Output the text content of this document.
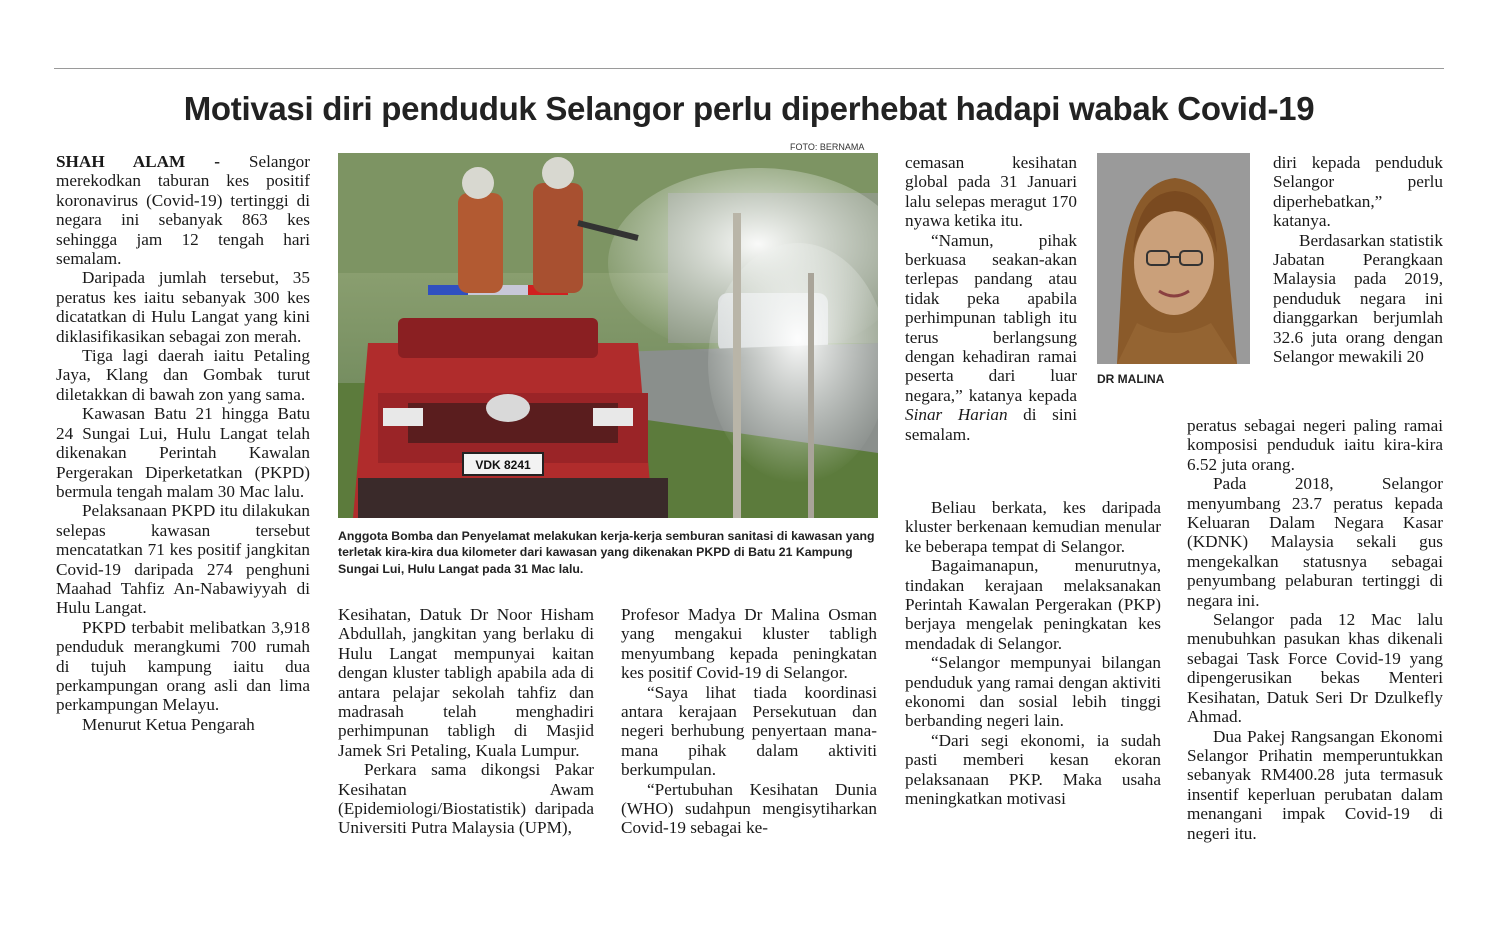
Motivasi diri penduduk Selangor perlu diperhebat hadapi wabak Covid-19

SHAH ALAM - Selangor merekodkan taburan kes positif koronavirus (Covid-19) tertinggi di negara ini sebanyak 863 kes sehingga jam 12 tengah hari semalam.

Daripada jumlah tersebut, 35 peratus kes iaitu sebanyak 300 kes dicatatkan di Hulu Langat yang kini diklasifikasikan sebagai zon merah.

Tiga lagi daerah iaitu Petaling Jaya, Klang dan Gombak turut diletakkan di bawah zon yang sama.

Kawasan Batu 21 hingga Batu 24 Sungai Lui, Hulu Langat telah dikenakan Perintah Kawalan Pergerakan Diperketatkan (PKPD) bermula tengah malam 30 Mac lalu.

Pelaksanaan PKPD itu dilakukan selepas kawasan tersebut mencatatkan 71 kes positif jangkitan Covid-19 daripada 274 penghuni Maahad Tahfiz An-Nabawiyyah di Hulu Langat.

PKPD terbabit melibatkan 3,918 penduduk merangkumi 700 rumah di tujuh kampung iaitu dua perkampungan orang asli dan lima perkampungan Melayu.

Menurut Ketua Pengarah

FOTO: BERNAMA
VDK 8241
Anggota Bomba dan Penyelamat melakukan kerja-kerja semburan sanitasi di kawasan yang terletak kira-kira dua kilometer dari kawasan yang dikenakan PKPD di Batu 21 Kampung Sungai Lui, Hulu Langat pada 31 Mac lalu.

Kesihatan, Datuk Dr Noor Hisham Abdullah, jangkitan yang berlaku di Hulu Langat mempunyai kaitan dengan kluster tabligh apabila ada di antara pelajar sekolah tahfiz dan madrasah telah menghadiri perhimpunan tabligh di Masjid Jamek Sri Petaling, Kuala Lumpur.

Perkara sama dikongsi Pakar Kesihatan Awam (Epidemiologi/Biostatistik) daripada Universiti Putra Malaysia (UPM),

Profesor Madya Dr Malina Osman yang mengakui kluster tabligh menyumbang kepada peningkatan kes positif Covid-19 di Selangor.

“Saya lihat tiada koordinasi antara kerajaan Persekutuan dan negeri berhubung penyertaan mana-mana pihak dalam aktiviti berkumpulan.

“Pertubuhan Kesihatan Dunia (WHO) sudahpun mengisytiharkan Covid-19 sebagai ke-

cemasan kesihatan global pada 31 Januari lalu selepas meragut 170 nyawa ketika itu.

“Namun, pihak berkuasa seakan-akan terlepas pandang atau tidak peka apabila perhimpunan tabligh itu terus berlangsung dengan kehadiran ramai peserta dari luar negara,” katanya kepada Sinar Harian di sini semalam.

Beliau berkata, kes daripada kluster berkenaan kemudian menular ke beberapa tempat di Selangor.

Bagaimanapun, menurutnya, tindakan kerajaan melaksanakan Perintah Kawalan Pergerakan (PKP) berjaya mengelak peningkatan kes mendadak di Selangor.

“Selangor mempunyai bilangan penduduk yang ramai dengan aktiviti ekonomi dan sosial lebih tinggi berbanding negeri lain.

“Dari segi ekonomi, ia sudah pasti memberi kesan ekoran pelaksanaan PKP. Maka usaha meningkatkan motivasi

DR MALINA

diri kepada penduduk Selangor perlu diperhebatkan,” katanya.

Berdasarkan statistik Jabatan Perangkaan Malaysia pada 2019, penduduk negara ini dianggarkan berjumlah 32.6 juta orang dengan Selangor mewakili 20

peratus sebagai negeri paling ramai komposisi penduduk iaitu kira-kira 6.52 juta orang.

Pada 2018, Selangor menyumbang 23.7 peratus kepada Keluaran Dalam Negara Kasar (KDNK) Malaysia sekali gus mengekalkan statusnya sebagai penyumbang pelaburan tertinggi di negara ini.

Selangor pada 12 Mac lalu menubuhkan pasukan khas dikenali sebagai Task Force Covid-19 yang dipengerusikan bekas Menteri Kesihatan, Datuk Seri Dr Dzulkefly Ahmad.

Dua Pakej Rangsangan Ekonomi Selangor Prihatin memperuntukkan sebanyak RM400.28 juta termasuk insentif keperluan perubatan dalam menangani impak Covid-19 di negeri itu.
